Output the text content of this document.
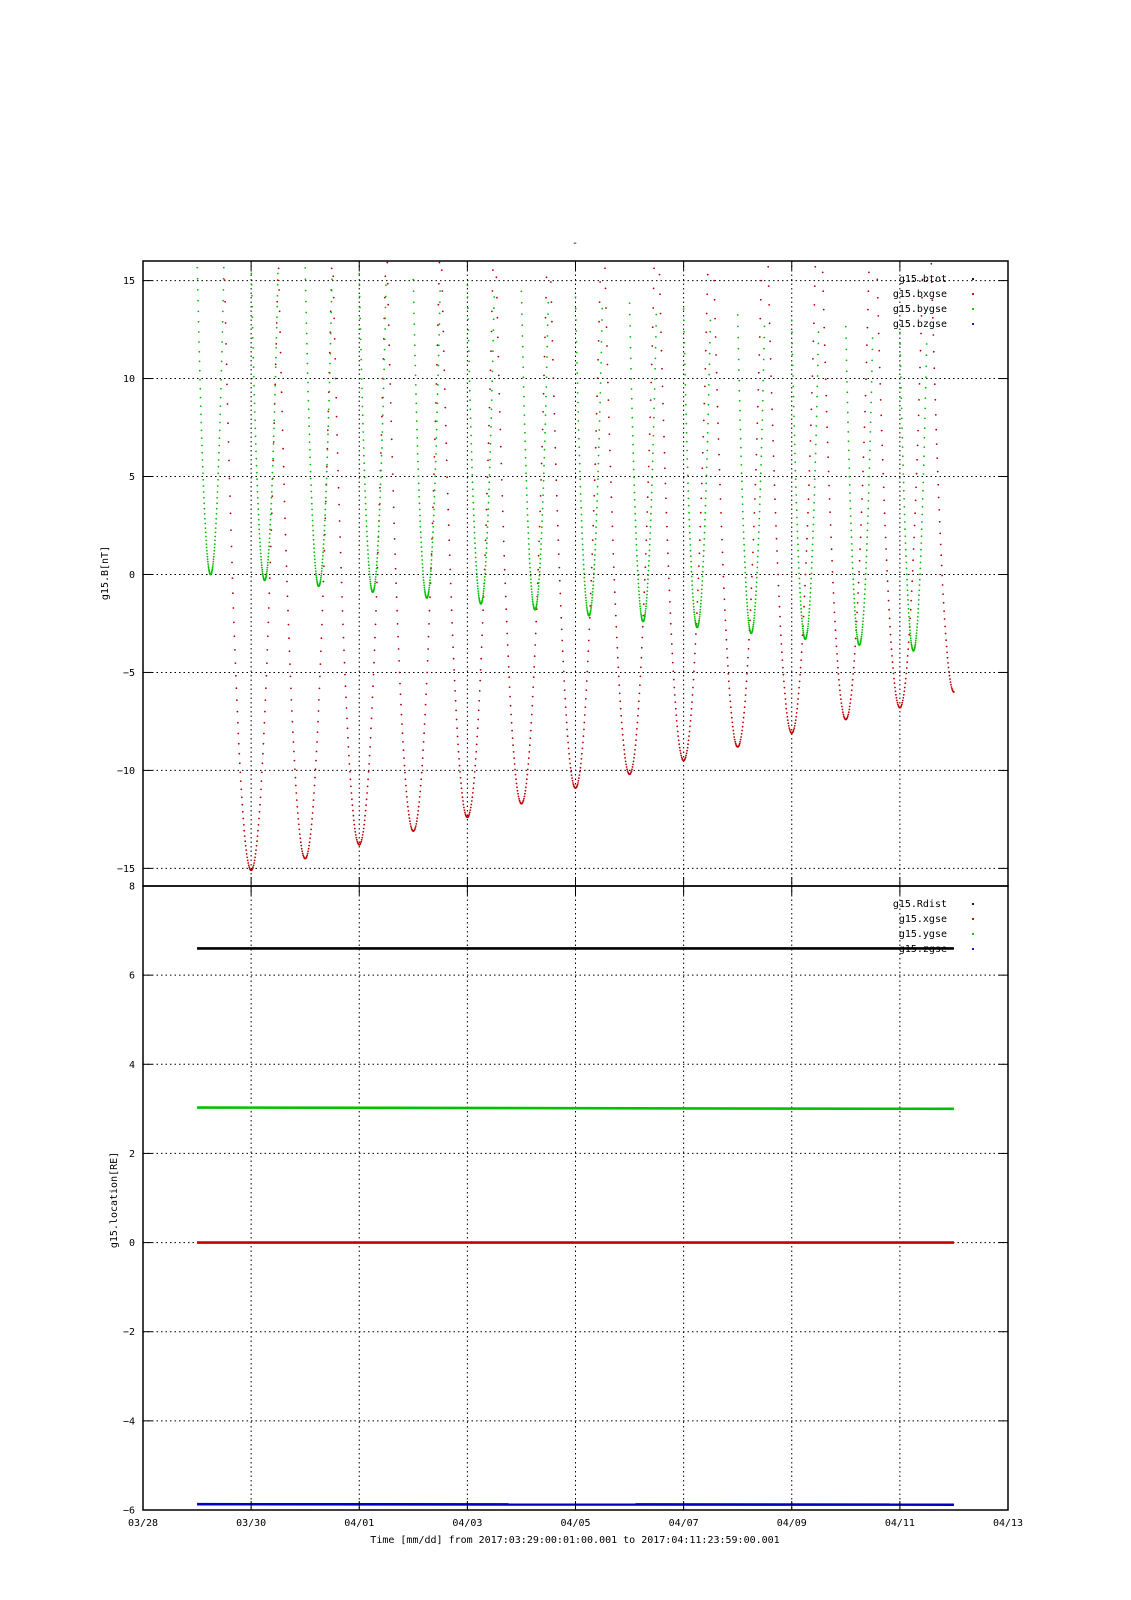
-
−15
−10
−5
0
5
10
15	g15.btot
g15.bxgse
g15.bygse
g15.bzgse
g15.B[nT]
−6
−4
−2
0
2
4
6
8
g15.Rdist
g15.xgse
g15.ygse
g15.zgse
g15.location[RE]
03/28	03/30	04/01	04/03	04/05	04/07	04/09	04/11	04/13
Time [mm/dd] from 2017:03:29:00:01:00.001 to 2017:04:11:23:59:00.001
